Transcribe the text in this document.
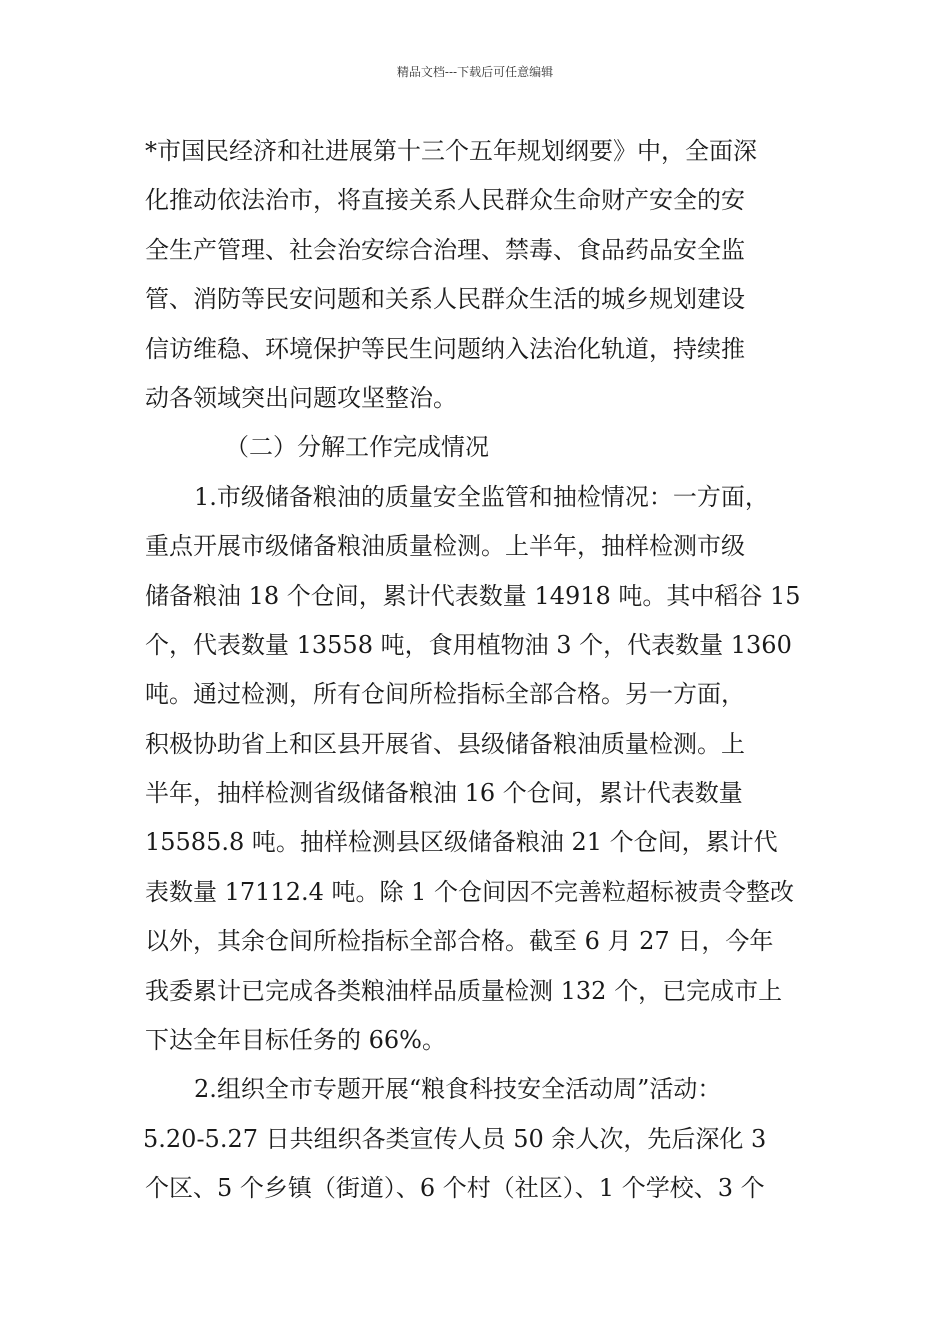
精品文档---下载后可任意编辑
*市国民经济和社进展第十三个五年规划纲要》中，全面深
化推动依法治市，将直接关系人民群众生命财产安全的安
全生产管理、社会治安综合治理、禁毒、食品药品安全监
管、消防等民安问题和关系人民群众生活的城乡规划建设
信访维稳、环境保护等民生问题纳入法治化轨道，持续推
动各领域突出问题攻坚整治。
（二）分解工作完成情况
1.市级储备粮油的质量安全监管和抽检情况：一方面，
重点开展市级储备粮油质量检测。上半年，抽样检测市级
储备粮油 18 个仓间，累计代表数量 14918 吨。其中稻谷 15
个，代表数量 13558 吨，食用植物油 3 个，代表数量 1360
吨。通过检测，所有仓间所检指标全部合格。另一方面，
积极协助省上和区县开展省、县级储备粮油质量检测。上
半年，抽样检测省级储备粮油 16 个仓间，累计代表数量
15585.8 吨。抽样检测县区级储备粮油 21 个仓间，累计代
表数量 17112.4 吨。除 1 个仓间因不完善粒超标被责令整改
以外，其余仓间所检指标全部合格。截至 6 月 27 日，今年
我委累计已完成各类粮油样品质量检测 132 个，已完成市上
下达全年目标任务的 66%。
2.组织全市专题开展“粮食科技安全活动周”活动：
5.20-5.27 日共组织各类宣传人员 50 余人次，先后深化 3
个区、5 个乡镇（街道）、6 个村（社区）、1 个学校、3 个
